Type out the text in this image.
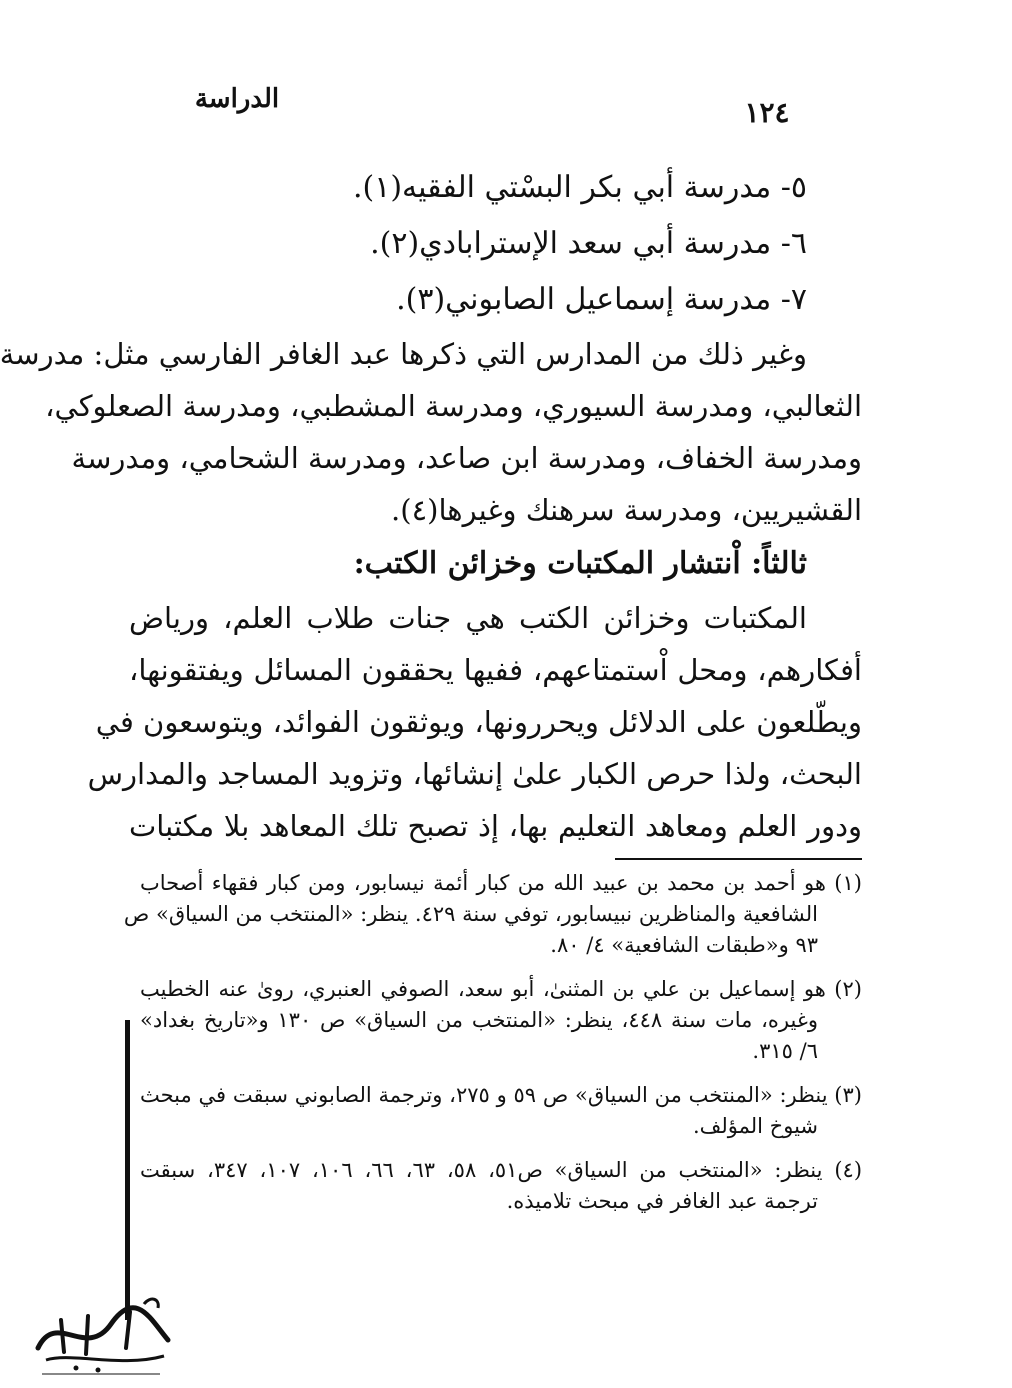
الدراسة	١٢٤
٥- مدرسة أبي بكر البسْتي الفقيه(١).
٦- مدرسة أبي سعد الإسترابادي(٢).
٧- مدرسة إسماعيل الصابوني(٣).
وغير ذلك من المدارس التي ذكرها عبد الغافر الفارسي مثل: مدرسة
الثعالبي، ومدرسة السيوري، ومدرسة المشطبي، ومدرسة الصعلوكي،
ومدرسة الخفاف، ومدرسة ابن صاعد، ومدرسة الشحامي، ومدرسة
القشيريين، ومدرسة سرهنك وغيرها(٤).
ثالثاً: اْنتشار المكتبات وخزائن الكتب:
المكتبات وخزائن الكتب هي جنات طلاب العلم، ورياض
أفكارهم، ومحل اْستمتاعهم، ففيها يحققون المسائل ويفتقونها،
ويطّلعون على الدلائل ويحررونها، ويوثقون الفوائد، ويتوسعون في
البحث، ولذا حرص الكبار علىٰ إنشائها، وتزويد المساجد والمدارس
ودور العلم ومعاهد التعليم بها، إذ تصبح تلك المعاهد بلا مكتبات
(١) هو أحمد بن محمد بن عبيد الله من كبار أئمة نيسابور، ومن كبار فقهاء أصحاب
الشافعية والمناظرين نبيسابور، توفي سنة ٤٢٩. ينظر: «المنتخب من السياق» ص
٩٣ و«طبقات الشافعية» ٤/ ٨٠.
(٢) هو إسماعيل بن علي بن المثنىٰ، أبو سعد، الصوفي العنبري، روىٰ عنه الخطيب
وغيره، مات سنة ٤٤٨، ينظر: «المنتخب من السياق» ص ١٣٠ و«تاريخ بغداد»
٦/ ٣١٥.
(٣) ينظر: «المنتخب من السياق» ص ٥٩ و ٢٧٥، وترجمة الصابوني سبقت في مبحث
شيوخ المؤلف.
(٤) ينظر: «المنتخب من السياق» ص٥١، ٥٨، ٦٣، ٦٦، ١٠٦، ١٠٧، ٣٤٧، سبقت
ترجمة عبد الغافر في مبحث تلاميذه.
